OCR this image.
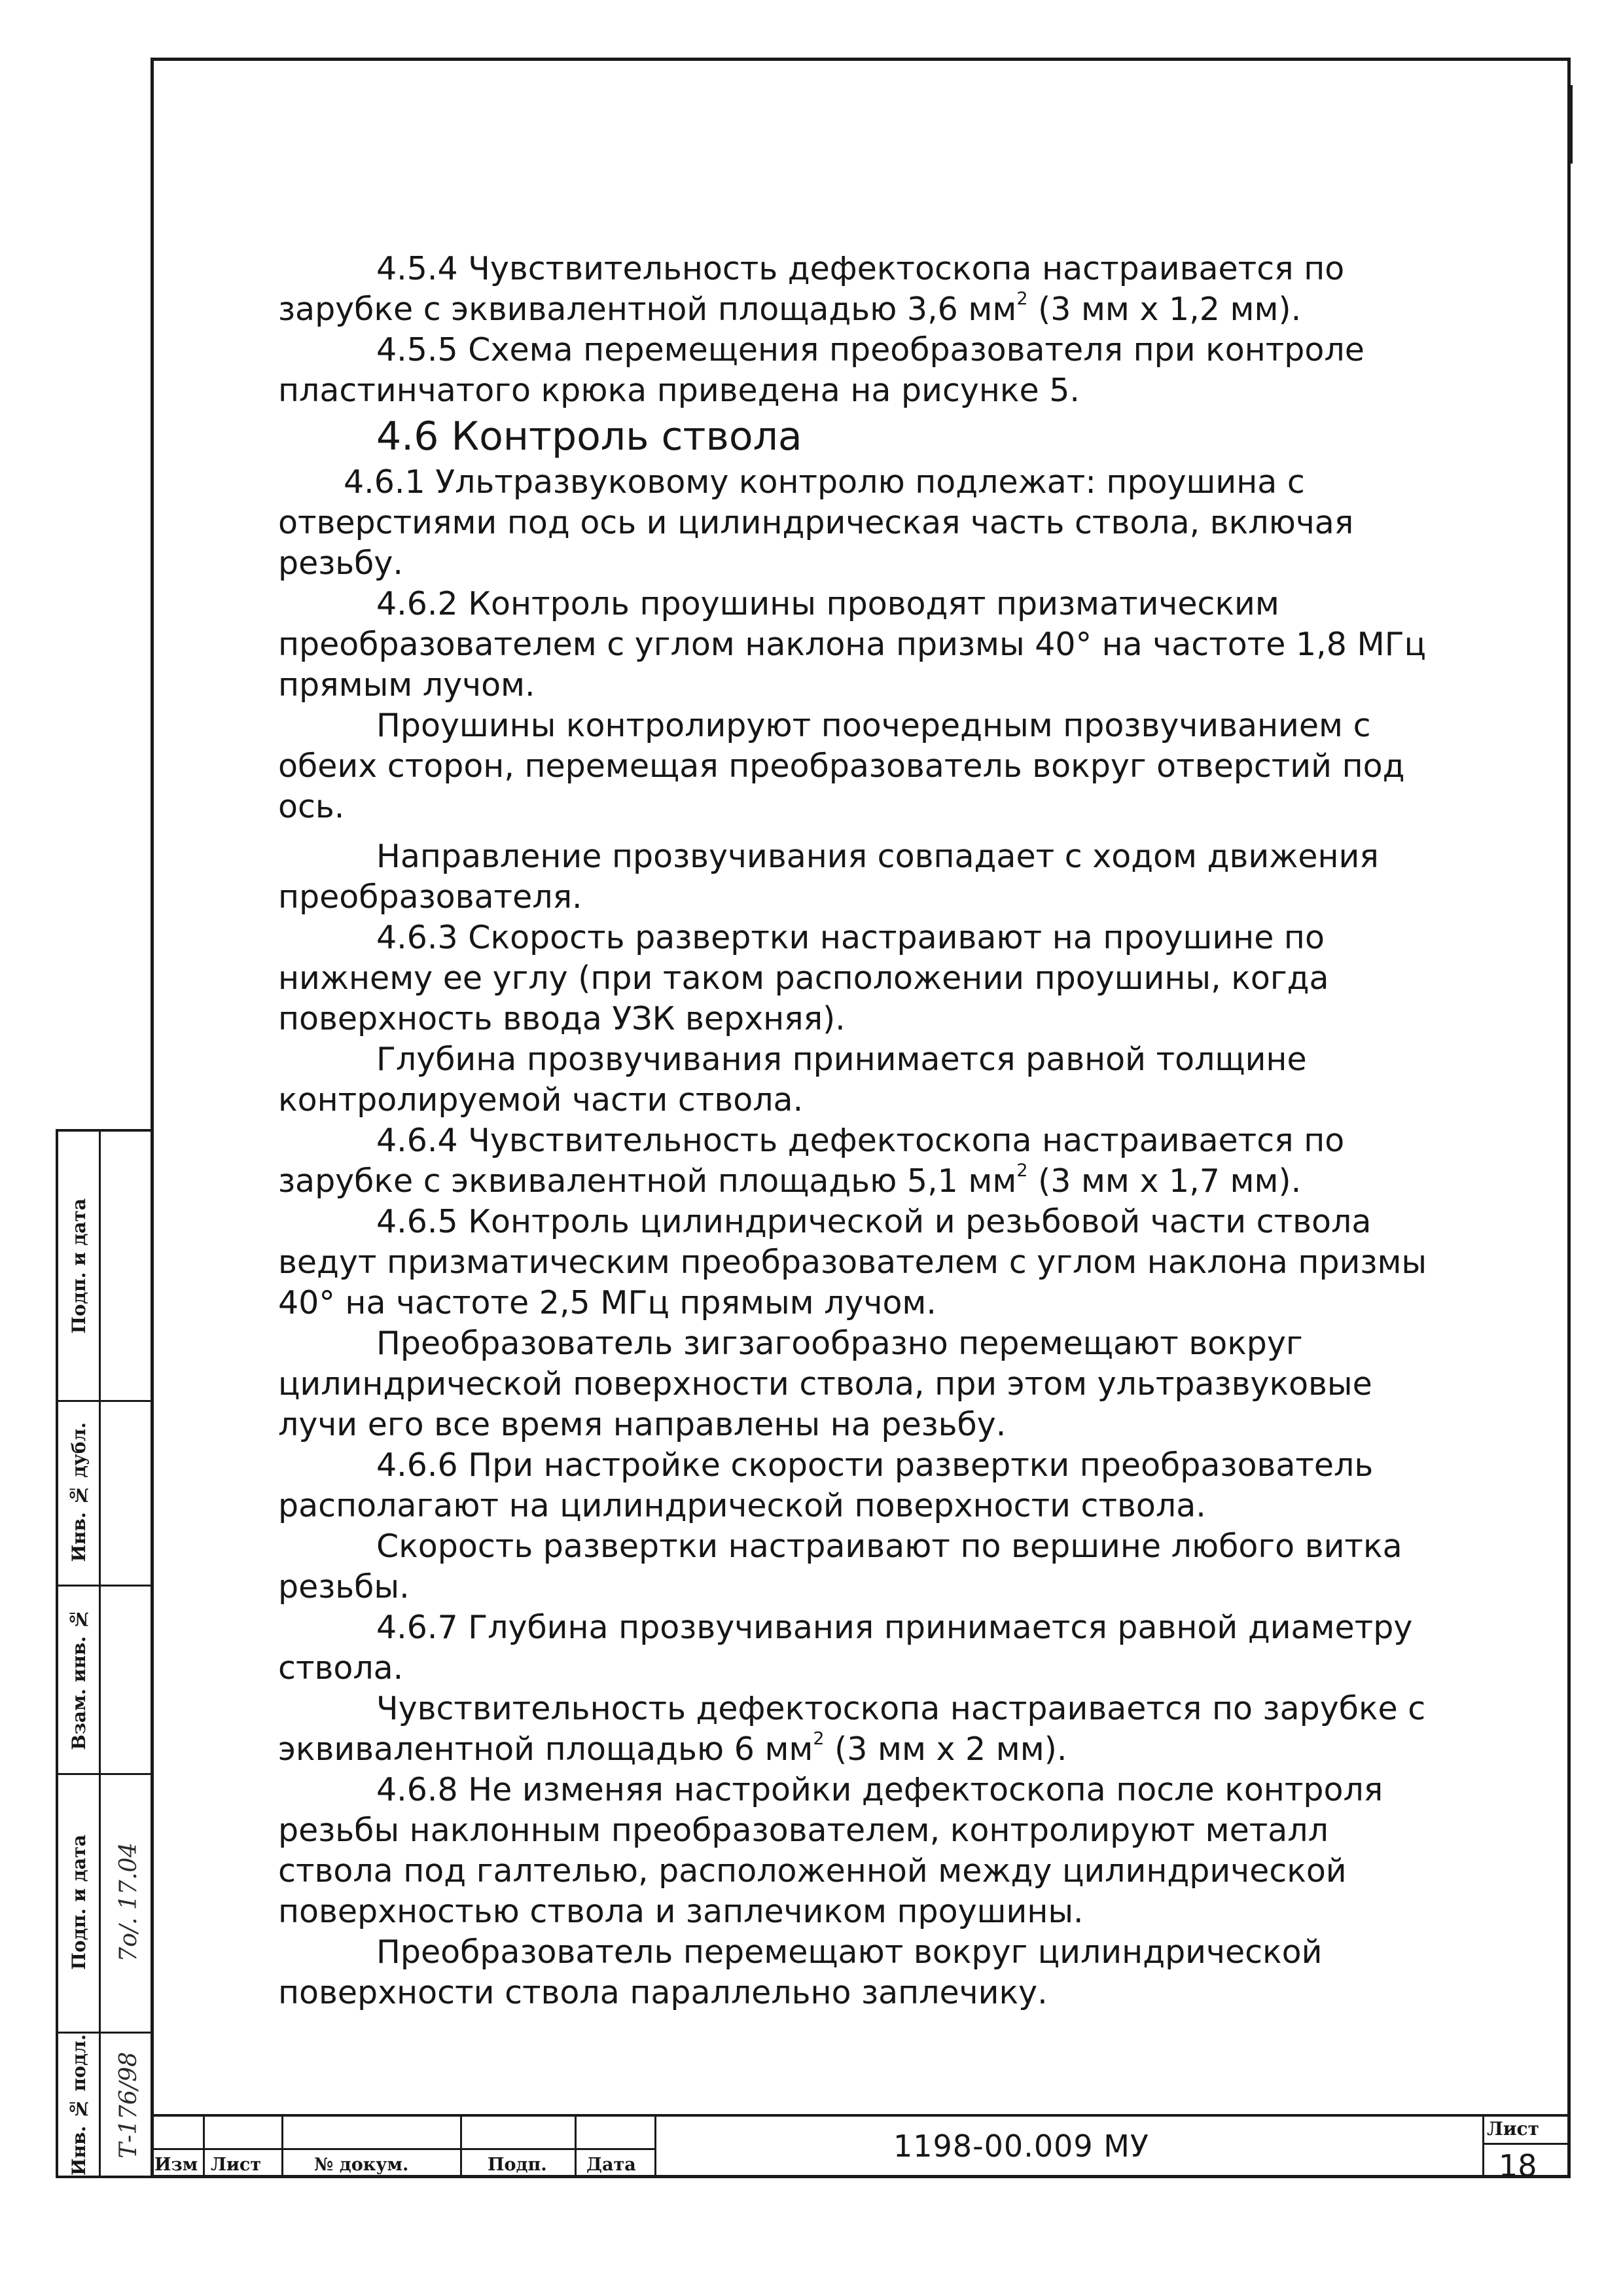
4.5.4 Чувствительность дефектоскопа настраивается по зарубке с эквивалентной площадью 3,6 $мм^2$ (3 мм х 1,2 мм).

4.5.5 Схема перемещения преобразователя при контроле пластинчатого крюка приведена на рисунке 5.

4.6 Контроль ствола

4.6.1 Ультразвуковому контролю подлежат: проушина с отверстиями под ось и цилиндрическая часть ствола, включая резьбу.

4.6.2 Контроль проушины проводят призматическим преобразователем с углом наклона призмы 40° на частоте 1,8 МГц прямым лучом.

Проушины контролируют поочередным прозвучиванием с обеих сторон, перемещая преобразователь вокруг отверстий под ось.

Направление прозвучивания совпадает с ходом движения преобразователя.

4.6.3 Скорость развертки настраивают на проушине по нижнему ее углу (при таком расположении проушины, когда поверхность ввода УЗК верхняя).

Глубина прозвучивания принимается равной толщине контролируемой части ствола.

4.6.4 Чувствительность дефектоскопа настраивается по зарубке с эквивалентной площадью 5,1 $мм^2$ (3 мм х 1,7 мм).

4.6.5 Контроль цилиндрической и резьбовой части ствола ведут призматическим преобразователем с углом наклона призмы 40° на частоте 2,5 МГц прямым лучом.

Преобразователь зигзагообразно перемещают вокруг цилиндрической поверхности ствола, при этом ультразвуковые лучи его все время направлены на резьбу.

4.6.6 При настройке скорости развертки преобразователь располагают на цилиндрической поверхности ствола.

Скорость развертки настраивают по вершине любого витка резьбы.

4.6.7 Глубина прозвучивания принимается равной диаметру ствола.

Чувствительность дефектоскопа настраивается по зарубке с эквивалентной площадью 6 $мм^2$ (3 мм х 2 мм).

4.6.8 Не изменяя настройки дефектоскопа после контроля резьбы наклонным преобразователем, контролируют металл ствола под галтелью, расположенной между цилиндрической поверхностью ствола и заплечиком проушины.

Преобразователь перемещают вокруг цилиндрической поверхности ствола параллельно заплечику.

Подп. и дата
Инв. № дубл.
Взам. инв. №
Подп. и дата
Инв. № подл.
7о/. 17.04
Т-176/98
Изм Лист	№ докум.	Подп. Дата
1198-00.009 МУ	Лист
18
